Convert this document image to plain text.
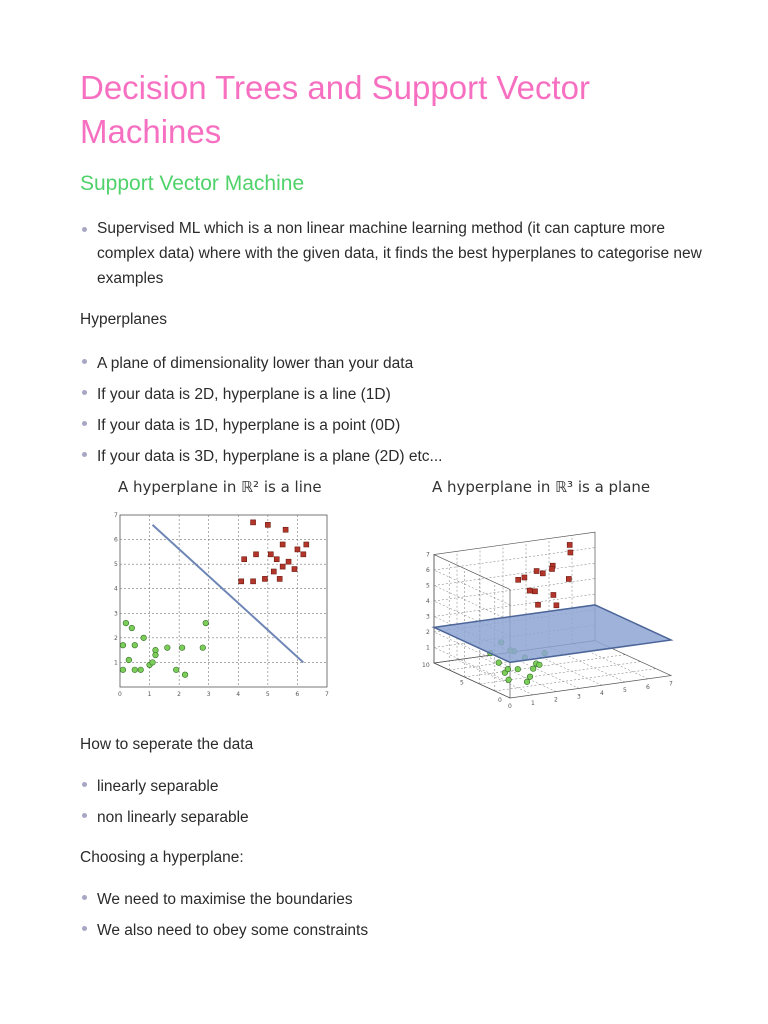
Decision Trees and Support Vector Machines
Support Vector Machine
Supervised ML which is a non linear machine learning method (it can capture more complex data) where with the given data, it finds the best hyperplanes to categorise new examples

Hyperplanes

A plane of dimensionality lower than your data
If your data is 2D, hyperplane is a line (1D)
If your data is 1D, hyperplane is a point (0D)
If your data is 3D, hyperplane is a plane (2D) etc...
A hyperplane in ℝ² is a line
0	1	2	3	4	5	6	7
1
2
3
4
5
6
7
A hyperplane in ℝ³ is a plane
1
2
3
4
5
6
7
0	1	2	3	4	5	6	7
0
5
10

How to seperate the data

linearly separable
non linearly separable

Choosing a hyperplane:

We need to maximise the boundaries
We also need to obey some constraints
